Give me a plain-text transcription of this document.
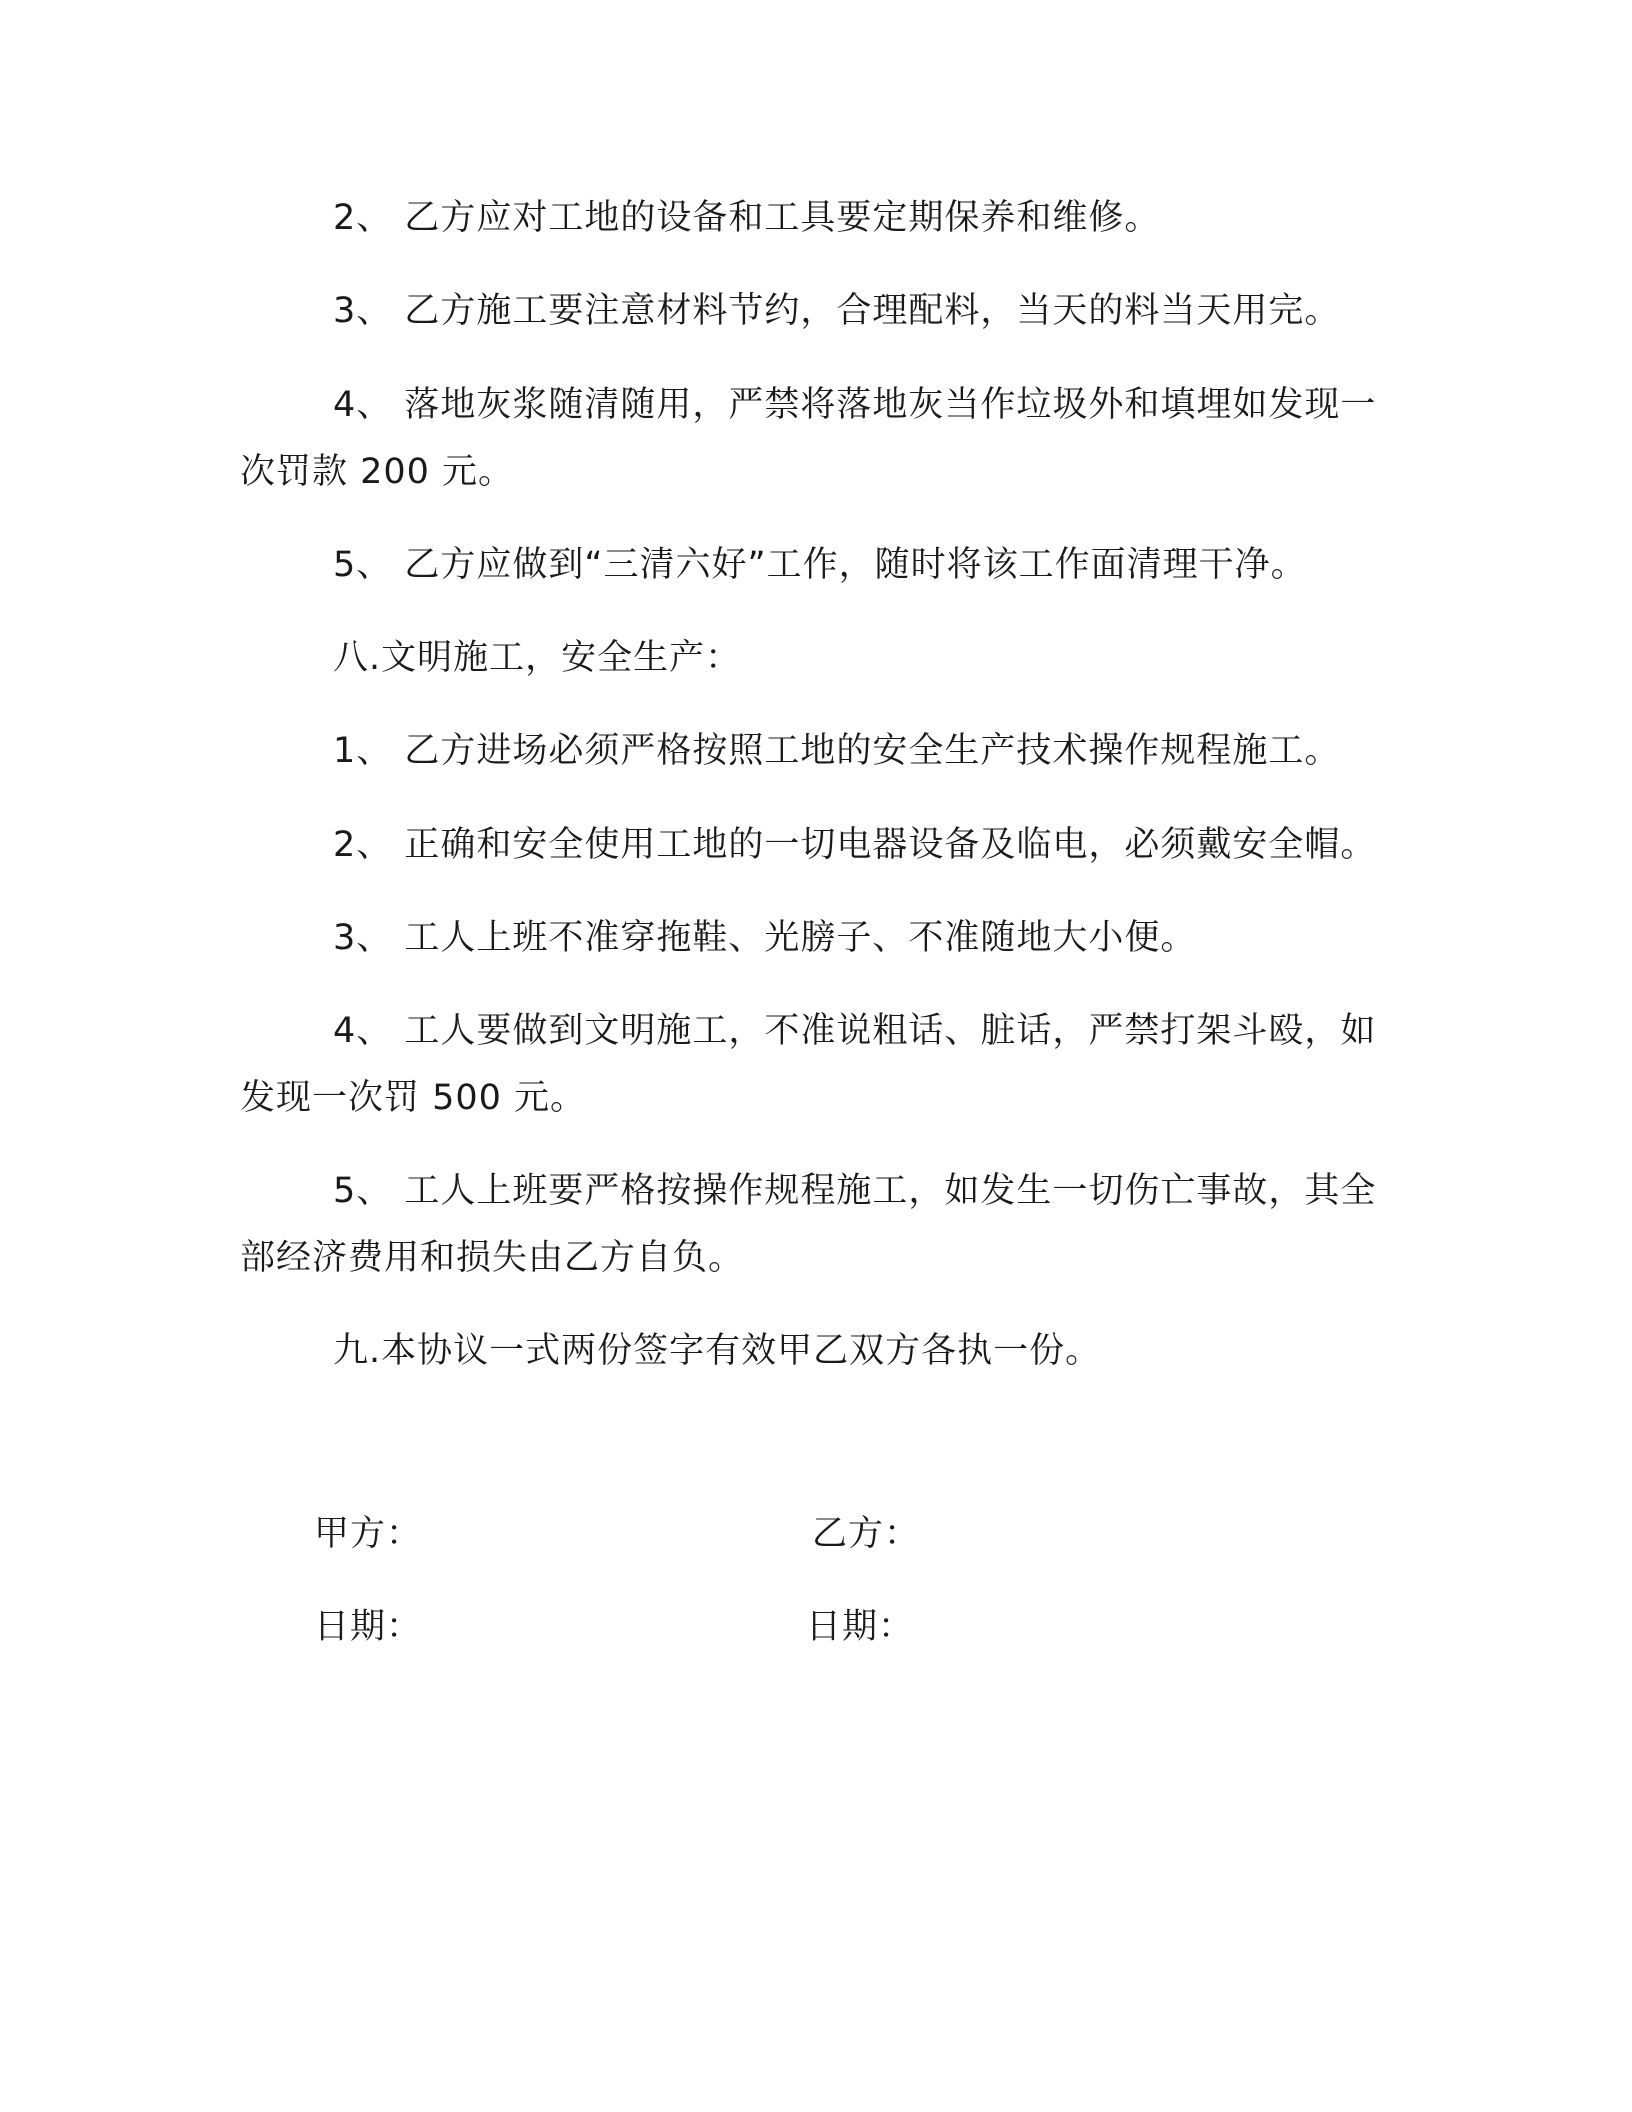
2、 乙方应对工地的设备和工具要定期保养和维修。

3、 乙方施工要注意材料节约，合理配料，当天的料当天用完。

4、 落地灰浆随清随用，严禁将落地灰当作垃圾外和填埋如发现一次罚款 200 元。

5、 乙方应做到“三清六好”工作，随时将该工作面清理干净。

八.文明施工，安全生产：

1、 乙方进场必须严格按照工地的安全生产技术操作规程施工。

2、 正确和安全使用工地的一切电器设备及临电，必须戴安全帽。

3、 工人上班不准穿拖鞋、光膀子、不准随地大小便。

4、 工人要做到文明施工，不准说粗话、脏话，严禁打架斗殴，如发现一次罚 500 元。

5、 工人上班要严格按操作规程施工，如发生一切伤亡事故，其全部经济费用和损失由乙方自负。

九.本协议一式两份签字有效甲乙双方各执一份。

甲方：	乙方：
日期：	日期：
